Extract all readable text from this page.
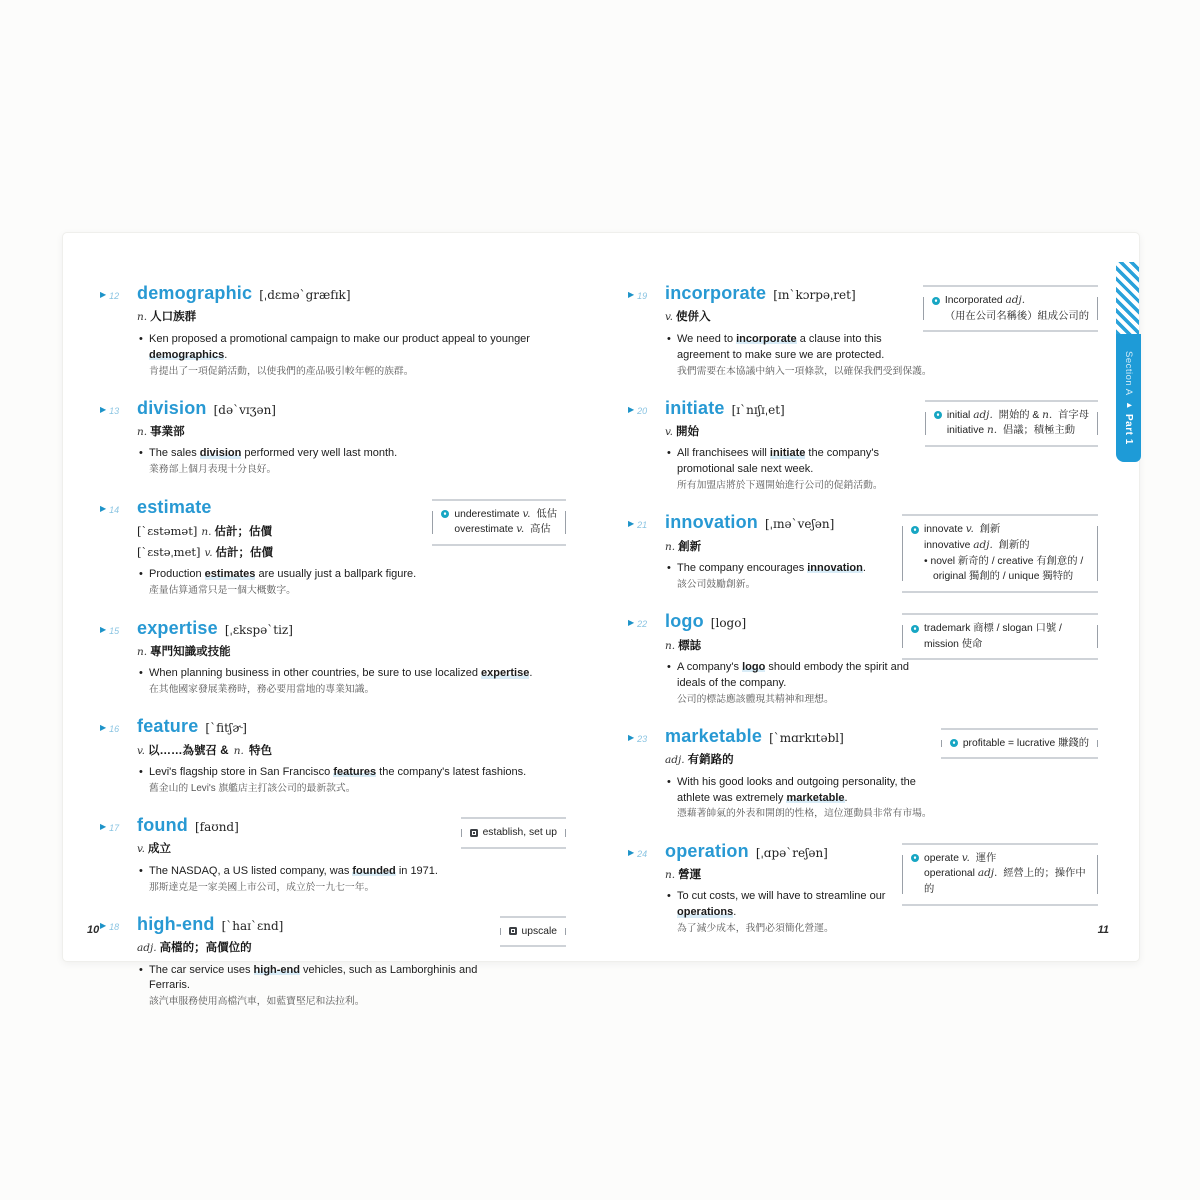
▶ 12 demographic [ˌdɛməˋgræfɪk]
n. 人口族群
• Ken proposed a promotional campaign to make our product appeal to younger demographics.
肯提出了一項促銷活動，以使我們的產品吸引較年輕的族群。
▶ 13 division [dəˋvɪʒən]
n. 事業部
• The sales division performed very well last month.
業務部上個月表現十分良好。
▶ 14 estimate
[ˋɛstəmət] n. 估計；估價
[ˋɛstəˌmet] v. 估計；估價
• Production estimates are usually just a ballpark figure.
產量估算通常只是一個大概數字。
underestimate v. 低估
overestimate v. 高估
▶ 15 expertise [ˌɛkspəˋtiz]
n. 專門知識或技能
• When planning business in other countries, be sure to use localized expertise.
在其他國家發展業務時，務必要用當地的專業知識。
▶ 16 feature [ˋfitʃɚ]
v. 以……為號召 & n. 特色
• Levi's flagship store in San Francisco features the company's latest fashions.
舊金山的 Levi's 旗艦店主打該公司的最新款式。
▶ 17 found [faʊnd]
v. 成立
• The NASDAQ, a US listed company, was founded in 1971.
那斯達克是一家美國上市公司，成立於一九七一年。
establish, set up
▶ 18 high-end [ˋhaɪˋɛnd]
adj. 高檔的；高價位的
• The car service uses high-end vehicles, such as Lamborghinis and Ferraris.
該汽車服務使用高檔汽車，如藍寶堅尼和法拉利。
upscale
▶ 19 incorporate [ɪnˋkɔrpəˌret]
v. 使併入
• We need to incorporate a clause into this agreement to make sure we are protected.
我們需要在本協議中納入一項條款，以確保我們受到保護。
Incorporated adj.
（用在公司名稱後）組成公司的
▶ 20 initiate [ɪˋnɪʃɪˌet]
v. 開始
• All franchisees will initiate the company's promotional sale next week.
所有加盟店將於下週開始進行公司的促銷活動。
initial adj. 開始的 & n. 首字母
initiative n. 倡議；積極主動
▶ 21 innovation [ˌɪnəˋveʃən]
n. 創新
• The company encourages innovation.
該公司鼓勵創新。
innovate v. 創新
innovative adj. 創新的
• novel 新奇的 / creative 有創意的 / original 獨創的 / unique 獨特的
▶ 22 logo [logo]
n. 標誌
• A company's logo should embody the spirit and ideals of the company.
公司的標誌應該體現其精神和理想。
trademark 商標 / slogan 口號 / mission 使命
▶ 23 marketable [ˋmɑrkɪtəbl]
adj. 有銷路的
• With his good looks and outgoing personality, the athlete was extremely marketable.
憑藉著帥氣的外表和開朗的性格，這位運動員非常有市場。
profitable = lucrative 賺錢的
▶ 24 operation [ˌɑpəˋreʃən]
n. 營運
• To cut costs, we will have to streamline our operations.
為了減少成本，我們必須簡化營運。
operate v. 運作
operational adj. 經營上的；操作中的
10	11
Section A
▶
Part 1
